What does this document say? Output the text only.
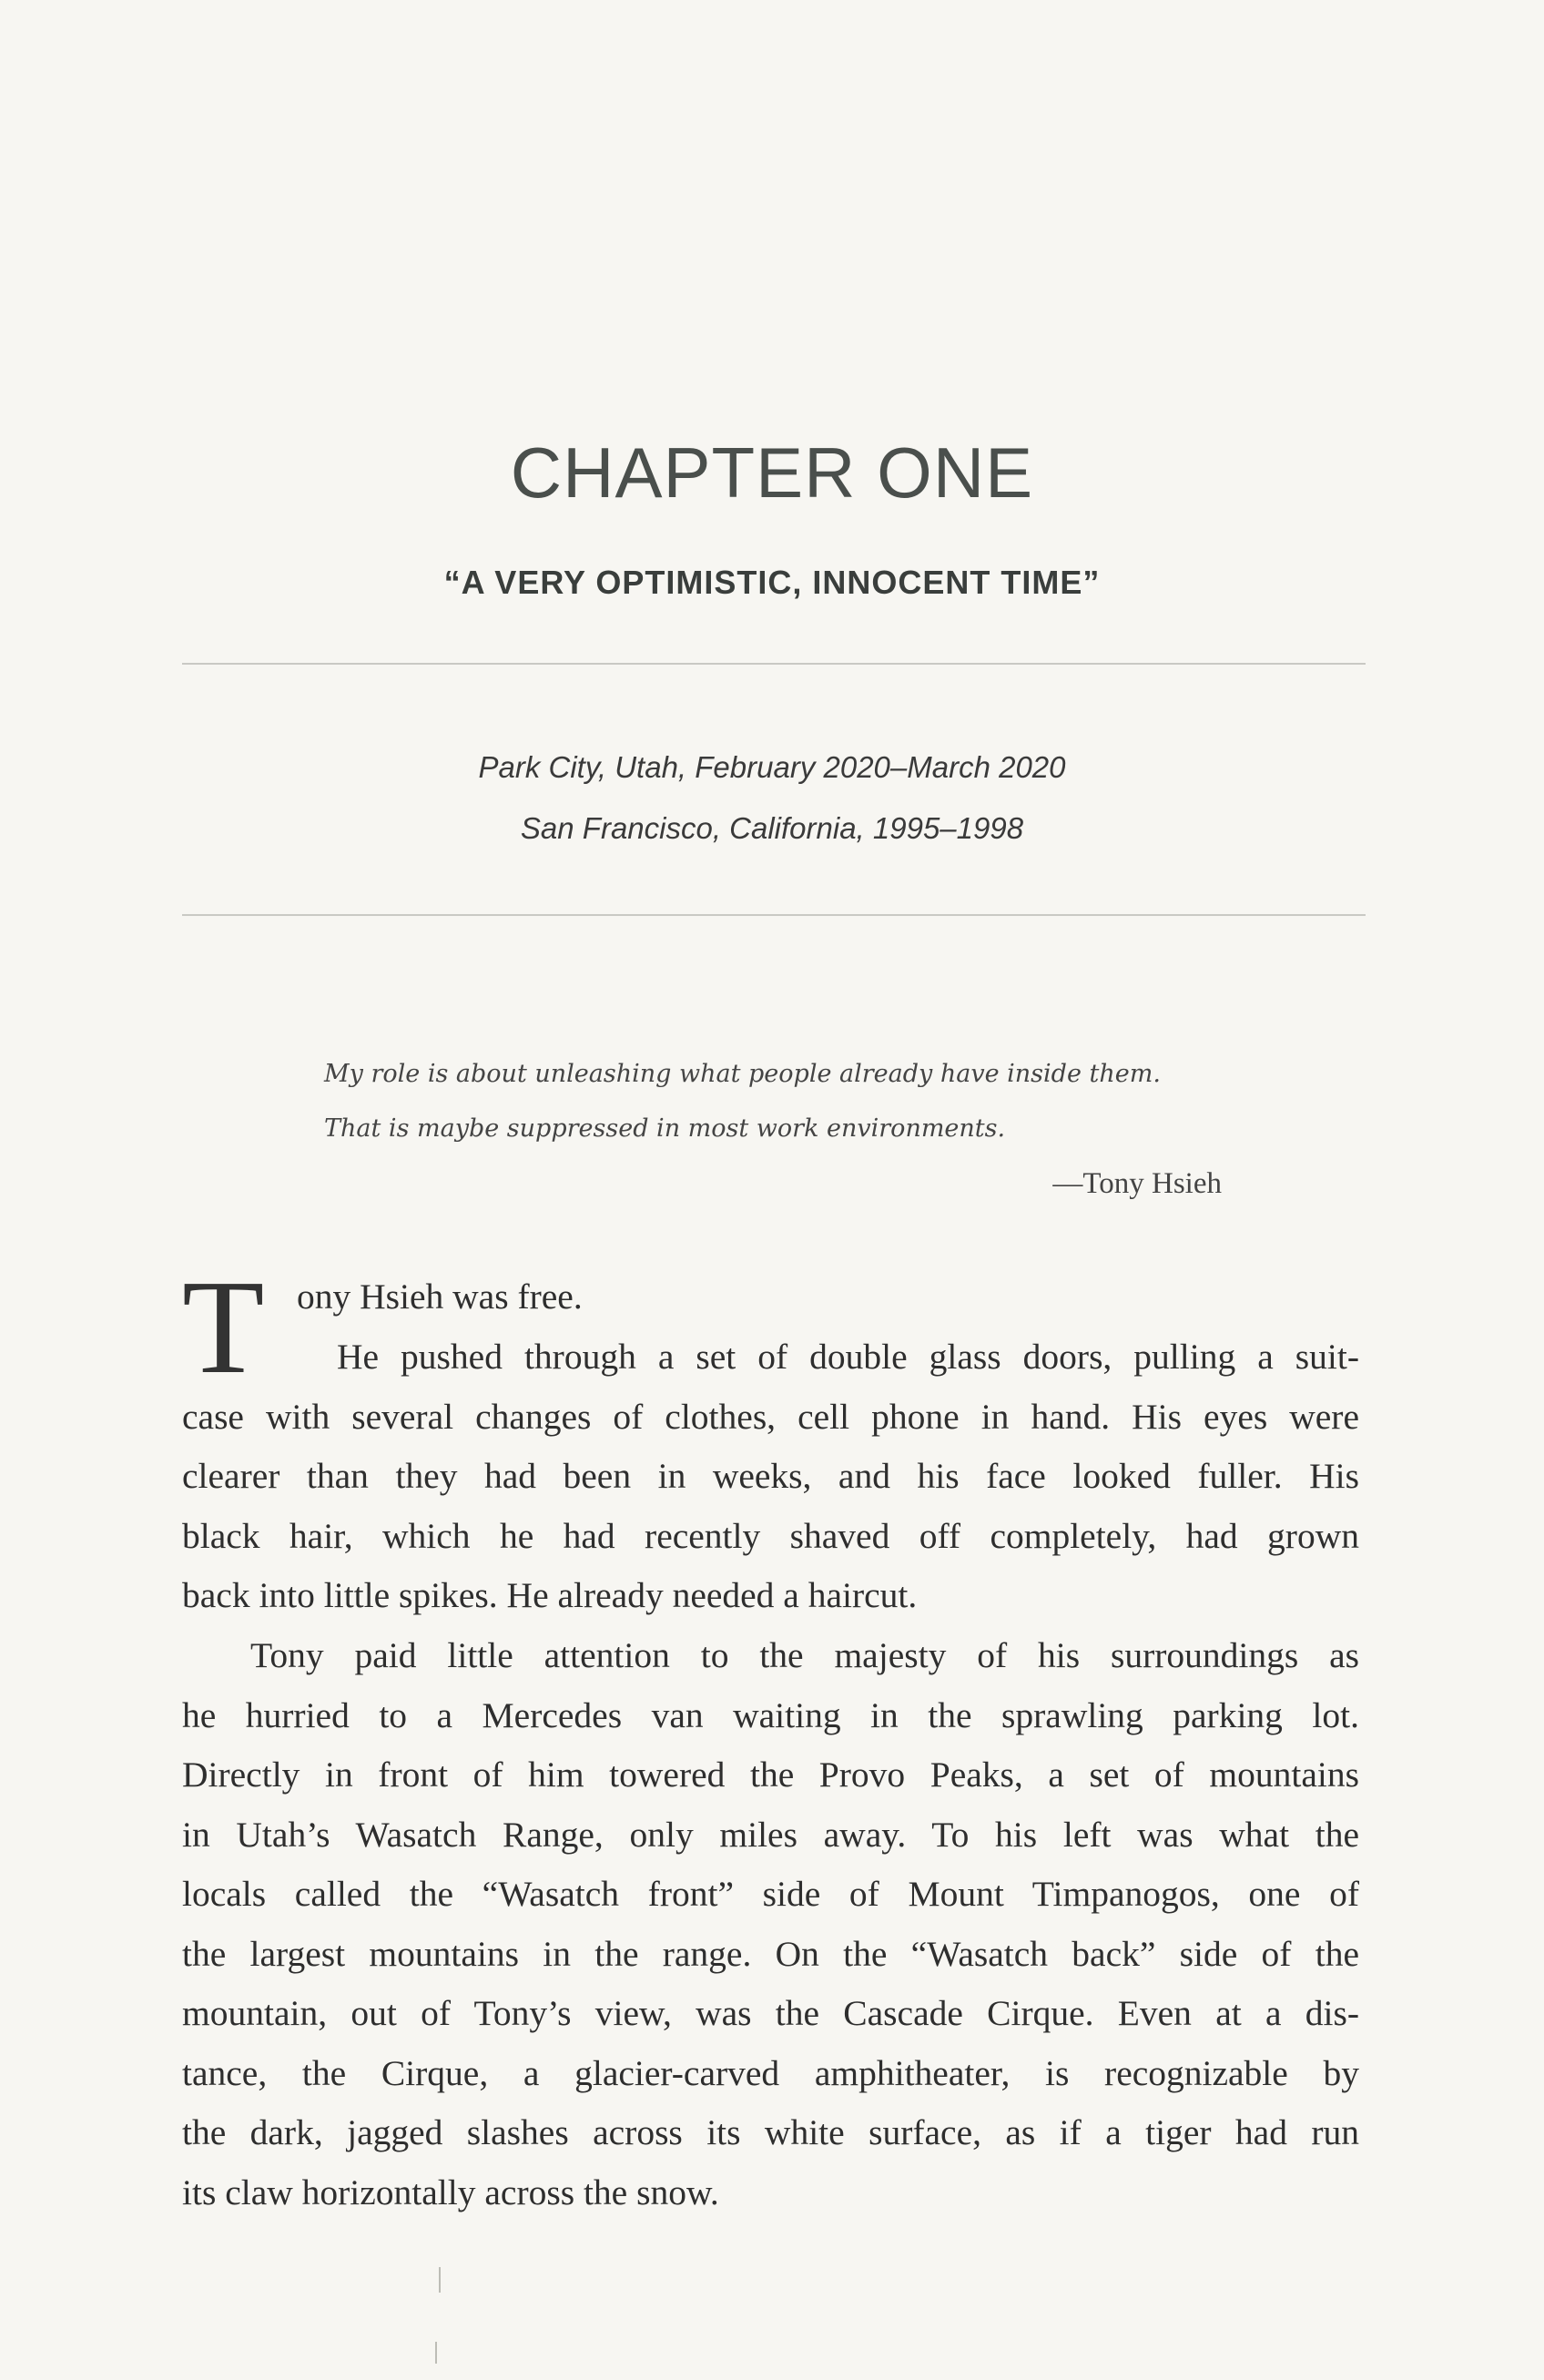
CHAPTER ONE
“A VERY OPTIMISTIC, INNOCENT TIME”
Park City, Utah, February 2020–March 2020
San Francisco, California, 1995–1998
My role is about unleashing what people already have inside them.
That is maybe suppressed in most work environments.
—Tony Hsieh
T ony Hsieh was free.
He pushed through a set of double glass doors, pulling a suit-
case with several changes of clothes, cell phone in hand. His eyes were
clearer than they had been in weeks, and his face looked fuller. His
black hair, which he had recently shaved off completely, had grown
back into little spikes. He already needed a haircut.
Tony paid little attention to the majesty of his surroundings as
he hurried to a Mercedes van waiting in the sprawling parking lot.
Directly in front of him towered the Provo Peaks, a set of mountains
in Utah’s Wasatch Range, only miles away. To his left was what the
locals called the “Wasatch front” side of Mount Timpanogos, one of
the largest mountains in the range. On the “Wasatch back” side of the
mountain, out of Tony’s view, was the Cascade Cirque. Even at a dis-
tance, the Cirque, a glacier-carved amphitheater, is recognizable by
the dark, jagged slashes across its white surface, as if a tiger had run
its claw horizontally across the snow.
